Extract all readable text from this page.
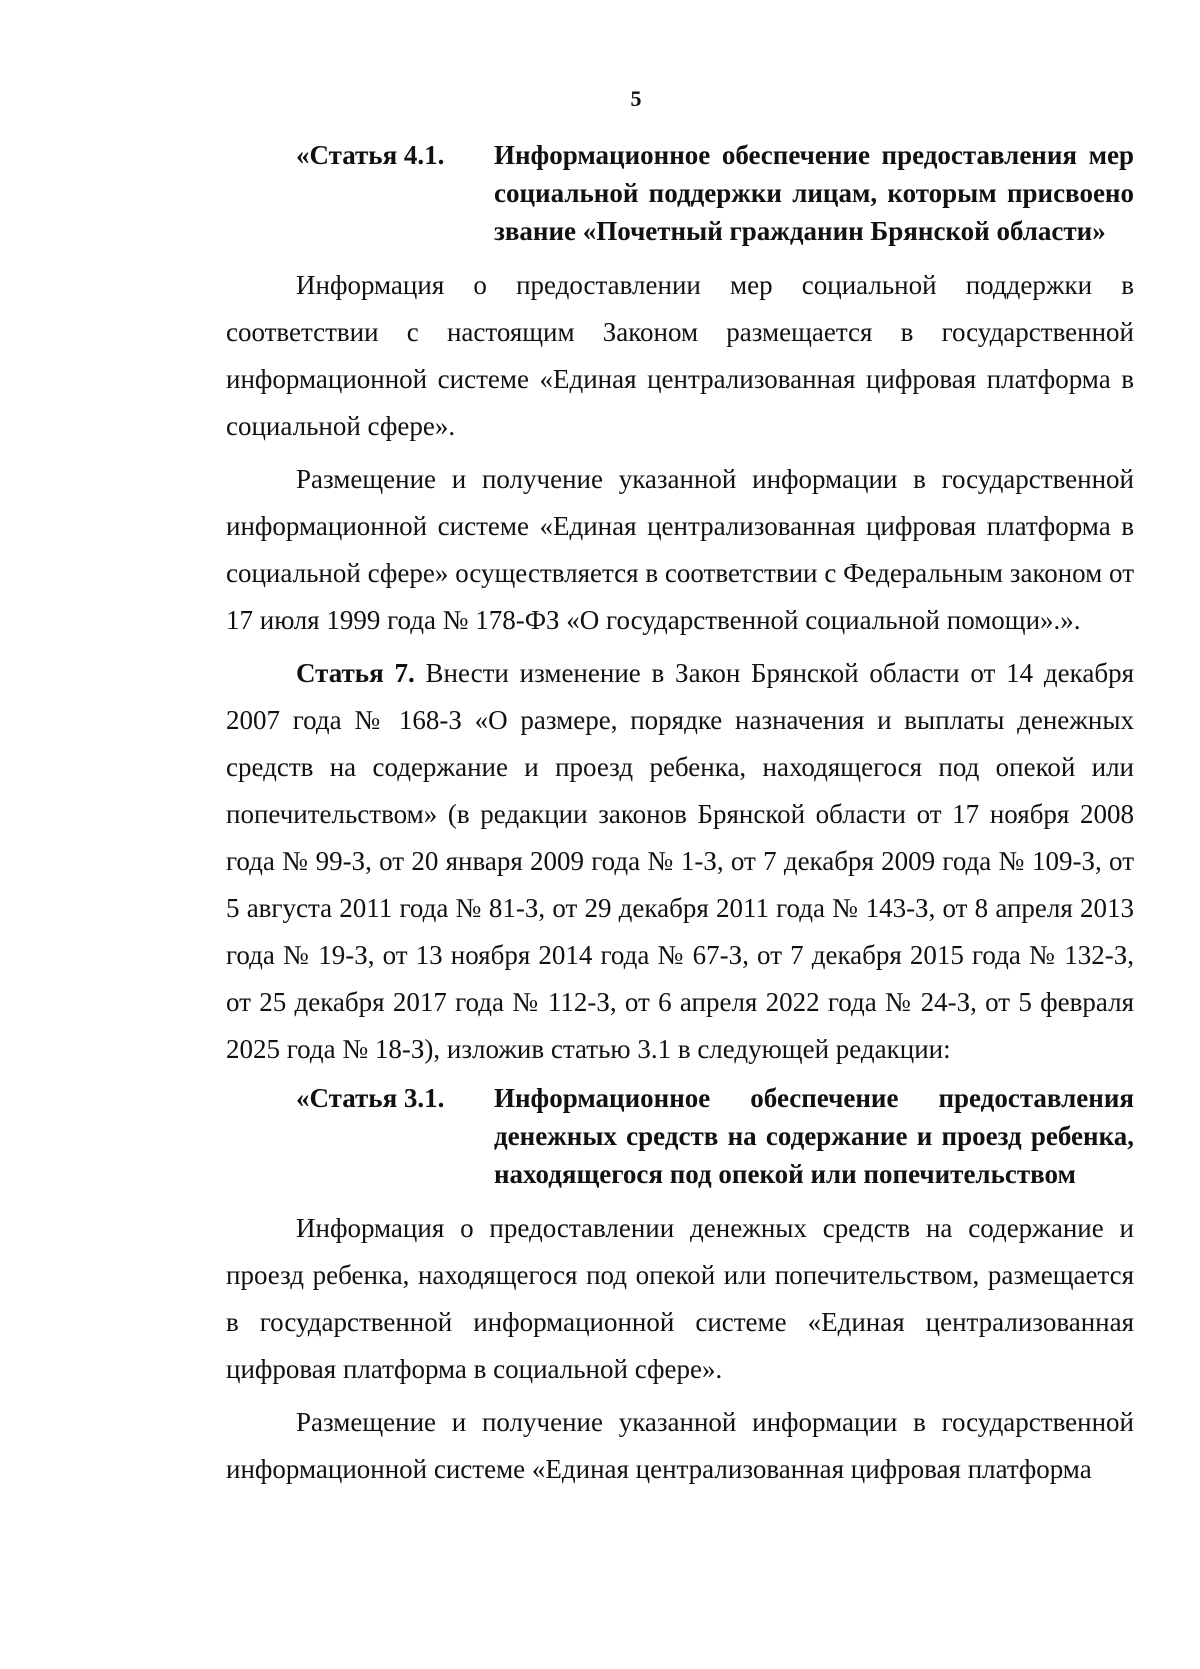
5
«Статья 4.1.	Информационное обеспечение предоставления мер социальной поддержки лицам, которым присвоено звание «Почетный гражданин Брянской области»

Информация о предоставлении мер социальной поддержки в соответствии с настоящим Законом размещается в государственной информационной системе «Единая централизованная цифровая платформа в социальной сфере».

Размещение и получение указанной информации в государственной информационной системе «Единая централизованная цифровая платформа в социальной сфере» осуществляется в соответствии с Федеральным законом от 17 июля 1999 года № 178-ФЗ «О государственной социальной помощи».».

Статья 7. Внести изменение в Закон Брянской области от 14 декабря 2007 года № 168-З «О размере, порядке назначения и выплаты денежных средств на содержание и проезд ребенка, находящегося под опекой или попечительством» (в редакции законов Брянской области от 17 ноября 2008 года № 99-З, от 20 января 2009 года № 1-З, от 7 декабря 2009 года № 109-З, от 5 августа 2011 года № 81-З, от 29 декабря 2011 года № 143-З, от 8 апреля 2013 года № 19-З, от 13 ноября 2014 года № 67-З, от 7 декабря 2015 года № 132-З, от 25 декабря 2017 года № 112-З, от 6 апреля 2022 года № 24-З, от 5 февраля 2025 года № 18-З), изложив статью 3.1 в следующей редакции:

«Статья 3.1.	Информационное обеспечение предоставления денежных средств на содержание и проезд ребенка, находящегося под опекой или попечительством

Информация о предоставлении денежных средств на содержание и проезд ребенка, находящегося под опекой или попечительством, размещается в государственной информационной системе «Единая централизованная цифровая платформа в социальной сфере».

Размещение и получение указанной информации в государственной информационной системе «Единая централизованная цифровая платформа
